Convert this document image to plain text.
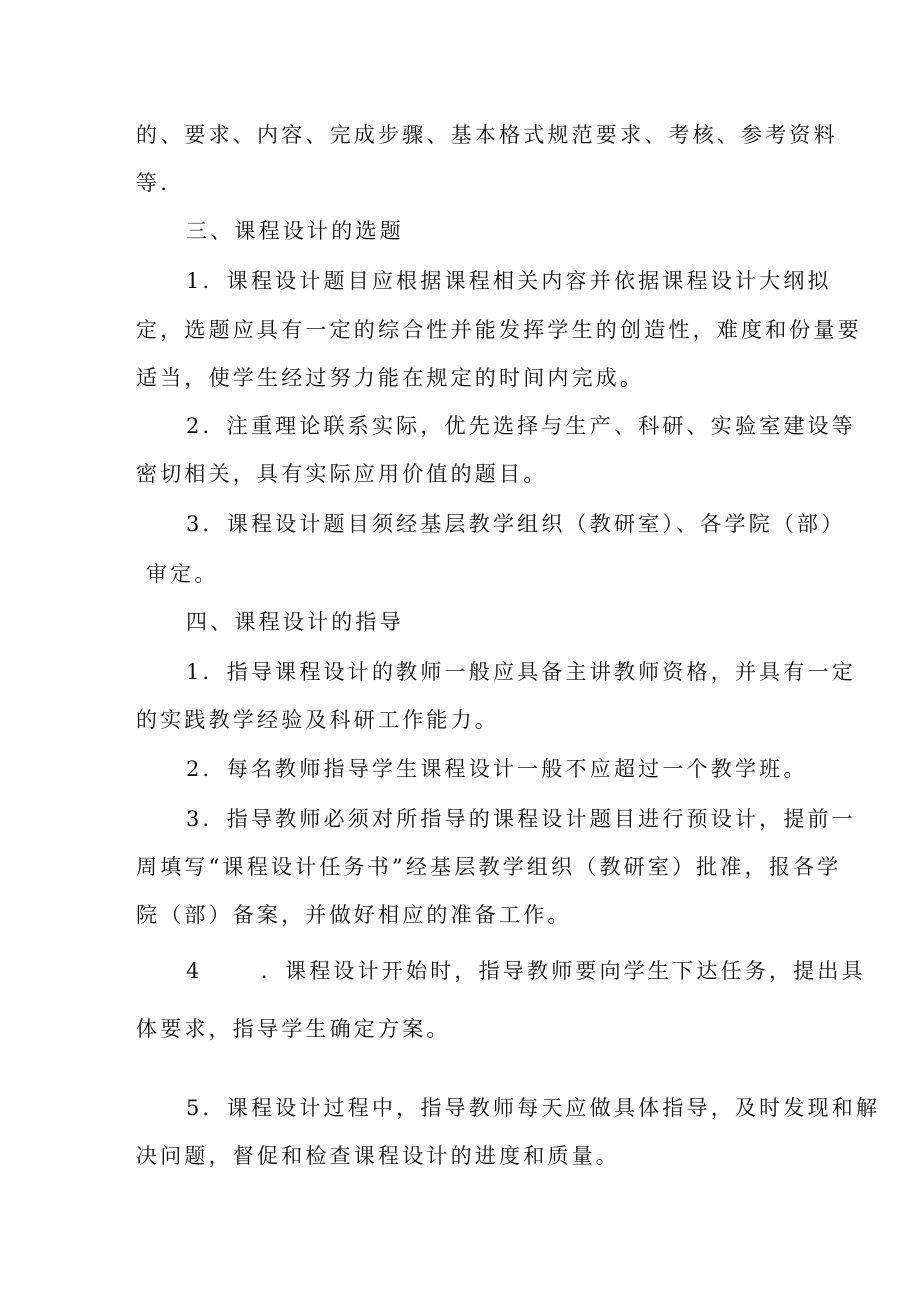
的、要求、内容、完成步骤、基本格式规范要求、考核、参考资料

等.

三、课程设计的选题

1．课程设计题目应根据课程相关内容并依据课程设计大纲拟

定，选题应具有一定的综合性并能发挥学生的创造性，难度和份量要

适当，使学生经过努力能在规定的时间内完成。

2．注重理论联系实际，优先选择与生产、科研、实验室建设等

密切相关，具有实际应用价值的题目。

3．课程设计题目须经基层教学组织（教研室）、各学院（部）

审定。

四、课程设计的指导

1．指导课程设计的教师一般应具备主讲教师资格，并具有一定

的实践教学经验及科研工作能力。

2．每名教师指导学生课程设计一般不应超过一个教学班。

3．指导教师必须对所指导的课程设计题目进行预设计，提前一

周填写“课程设计任务书”经基层教学组织（教研室）批准，报各学

院（部）备案，并做好相应的准备工作。

4 　　．课程设计开始时，指导教师要向学生下达任务，提出具

体要求，指导学生确定方案。

5．课程设计过程中，指导教师每天应做具体指导，及时发现和解

决问题，督促和检查课程设计的进度和质量。
